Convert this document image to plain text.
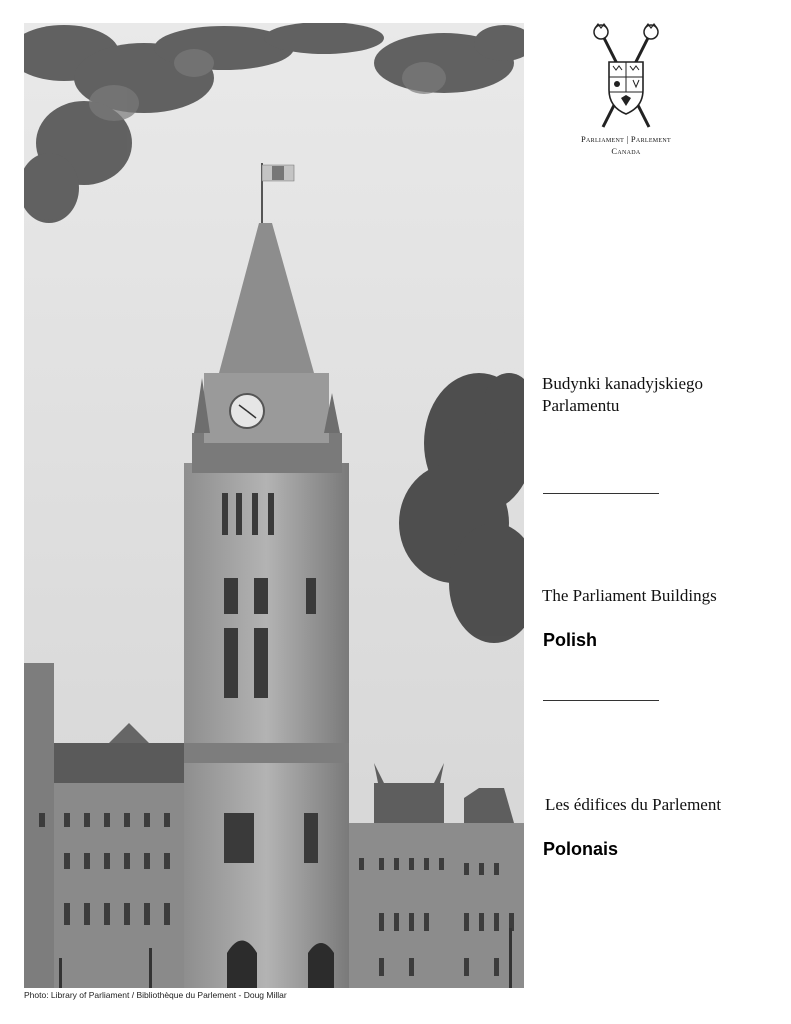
Photo: Library of Parliament / Bibliothèque du Parlement - Doug Millar
Parliament | Parlement
Canada
Budynki kanadyjskiego Parlamentu
The Parliament Buildings
Polish
Les édifices du Parlement
Polonais
